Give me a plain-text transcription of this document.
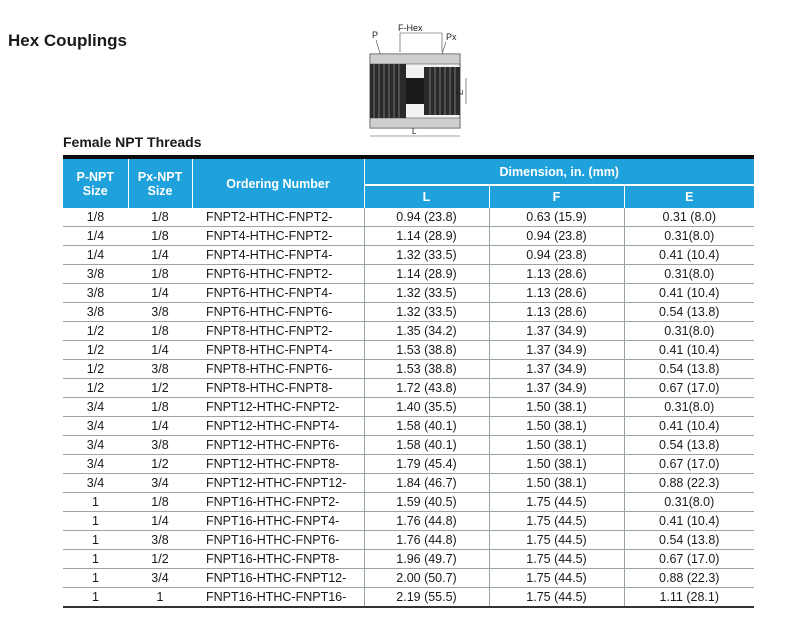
Hex Couplings	P
F-Hex
Px
E
L
Female NPT Threads
P-NPT Size	Px-NPT Size	Ordering Number	Dimension, in. (mm)		
			L	F	E
1/8	1/8	FNPT2-HTHC-FNPT2-	0.94 (23.8)	0.63 (15.9)	0.31 (8.0)
1/4	1/8	FNPT4-HTHC-FNPT2-	1.14 (28.9)	0.94 (23.8)	0.31(8.0)
1/4	1/4	FNPT4-HTHC-FNPT4-	1.32 (33.5)	0.94 (23.8)	0.41 (10.4)
3/8	1/8	FNPT6-HTHC-FNPT2-	1.14 (28.9)	1.13 (28.6)	0.31(8.0)
3/8	1/4	FNPT6-HTHC-FNPT4-	1.32 (33.5)	1.13 (28.6)	0.41 (10.4)
3/8	3/8	FNPT6-HTHC-FNPT6-	1.32 (33.5)	1.13 (28.6)	0.54 (13.8)
1/2	1/8	FNPT8-HTHC-FNPT2-	1.35 (34.2)	1.37 (34.9)	0.31(8.0)
1/2	1/4	FNPT8-HTHC-FNPT4-	1.53 (38.8)	1.37 (34.9)	0.41 (10.4)
1/2	3/8	FNPT8-HTHC-FNPT6-	1.53 (38.8)	1.37 (34.9)	0.54 (13.8)
1/2	1/2	FNPT8-HTHC-FNPT8-	1.72 (43.8)	1.37 (34.9)	0.67 (17.0)
3/4	1/8	FNPT12-HTHC-FNPT2-	1.40 (35.5)	1.50 (38.1)	0.31(8.0)
3/4	1/4	FNPT12-HTHC-FNPT4-	1.58 (40.1)	1.50 (38.1)	0.41 (10.4)
3/4	3/8	FNPT12-HTHC-FNPT6-	1.58 (40.1)	1.50 (38.1)	0.54 (13.8)
3/4	1/2	FNPT12-HTHC-FNPT8-	1.79 (45.4)	1.50 (38.1)	0.67 (17.0)
3/4	3/4	FNPT12-HTHC-FNPT12-	1.84 (46.7)	1.50 (38.1)	0.88 (22.3)
1	1/8	FNPT16-HTHC-FNPT2-	1.59 (40.5)	1.75 (44.5)	0.31(8.0)
1	1/4	FNPT16-HTHC-FNPT4-	1.76 (44.8)	1.75 (44.5)	0.41 (10.4)
1	3/8	FNPT16-HTHC-FNPT6-	1.76 (44.8)	1.75 (44.5)	0.54 (13.8)
1	1/2	FNPT16-HTHC-FNPT8-	1.96 (49.7)	1.75 (44.5)	0.67 (17.0)
1	3/4	FNPT16-HTHC-FNPT12-	2.00 (50.7)	1.75 (44.5)	0.88 (22.3)
1	1	FNPT16-HTHC-FNPT16-	2.19 (55.5)	1.75 (44.5)	1.11 (28.1)
